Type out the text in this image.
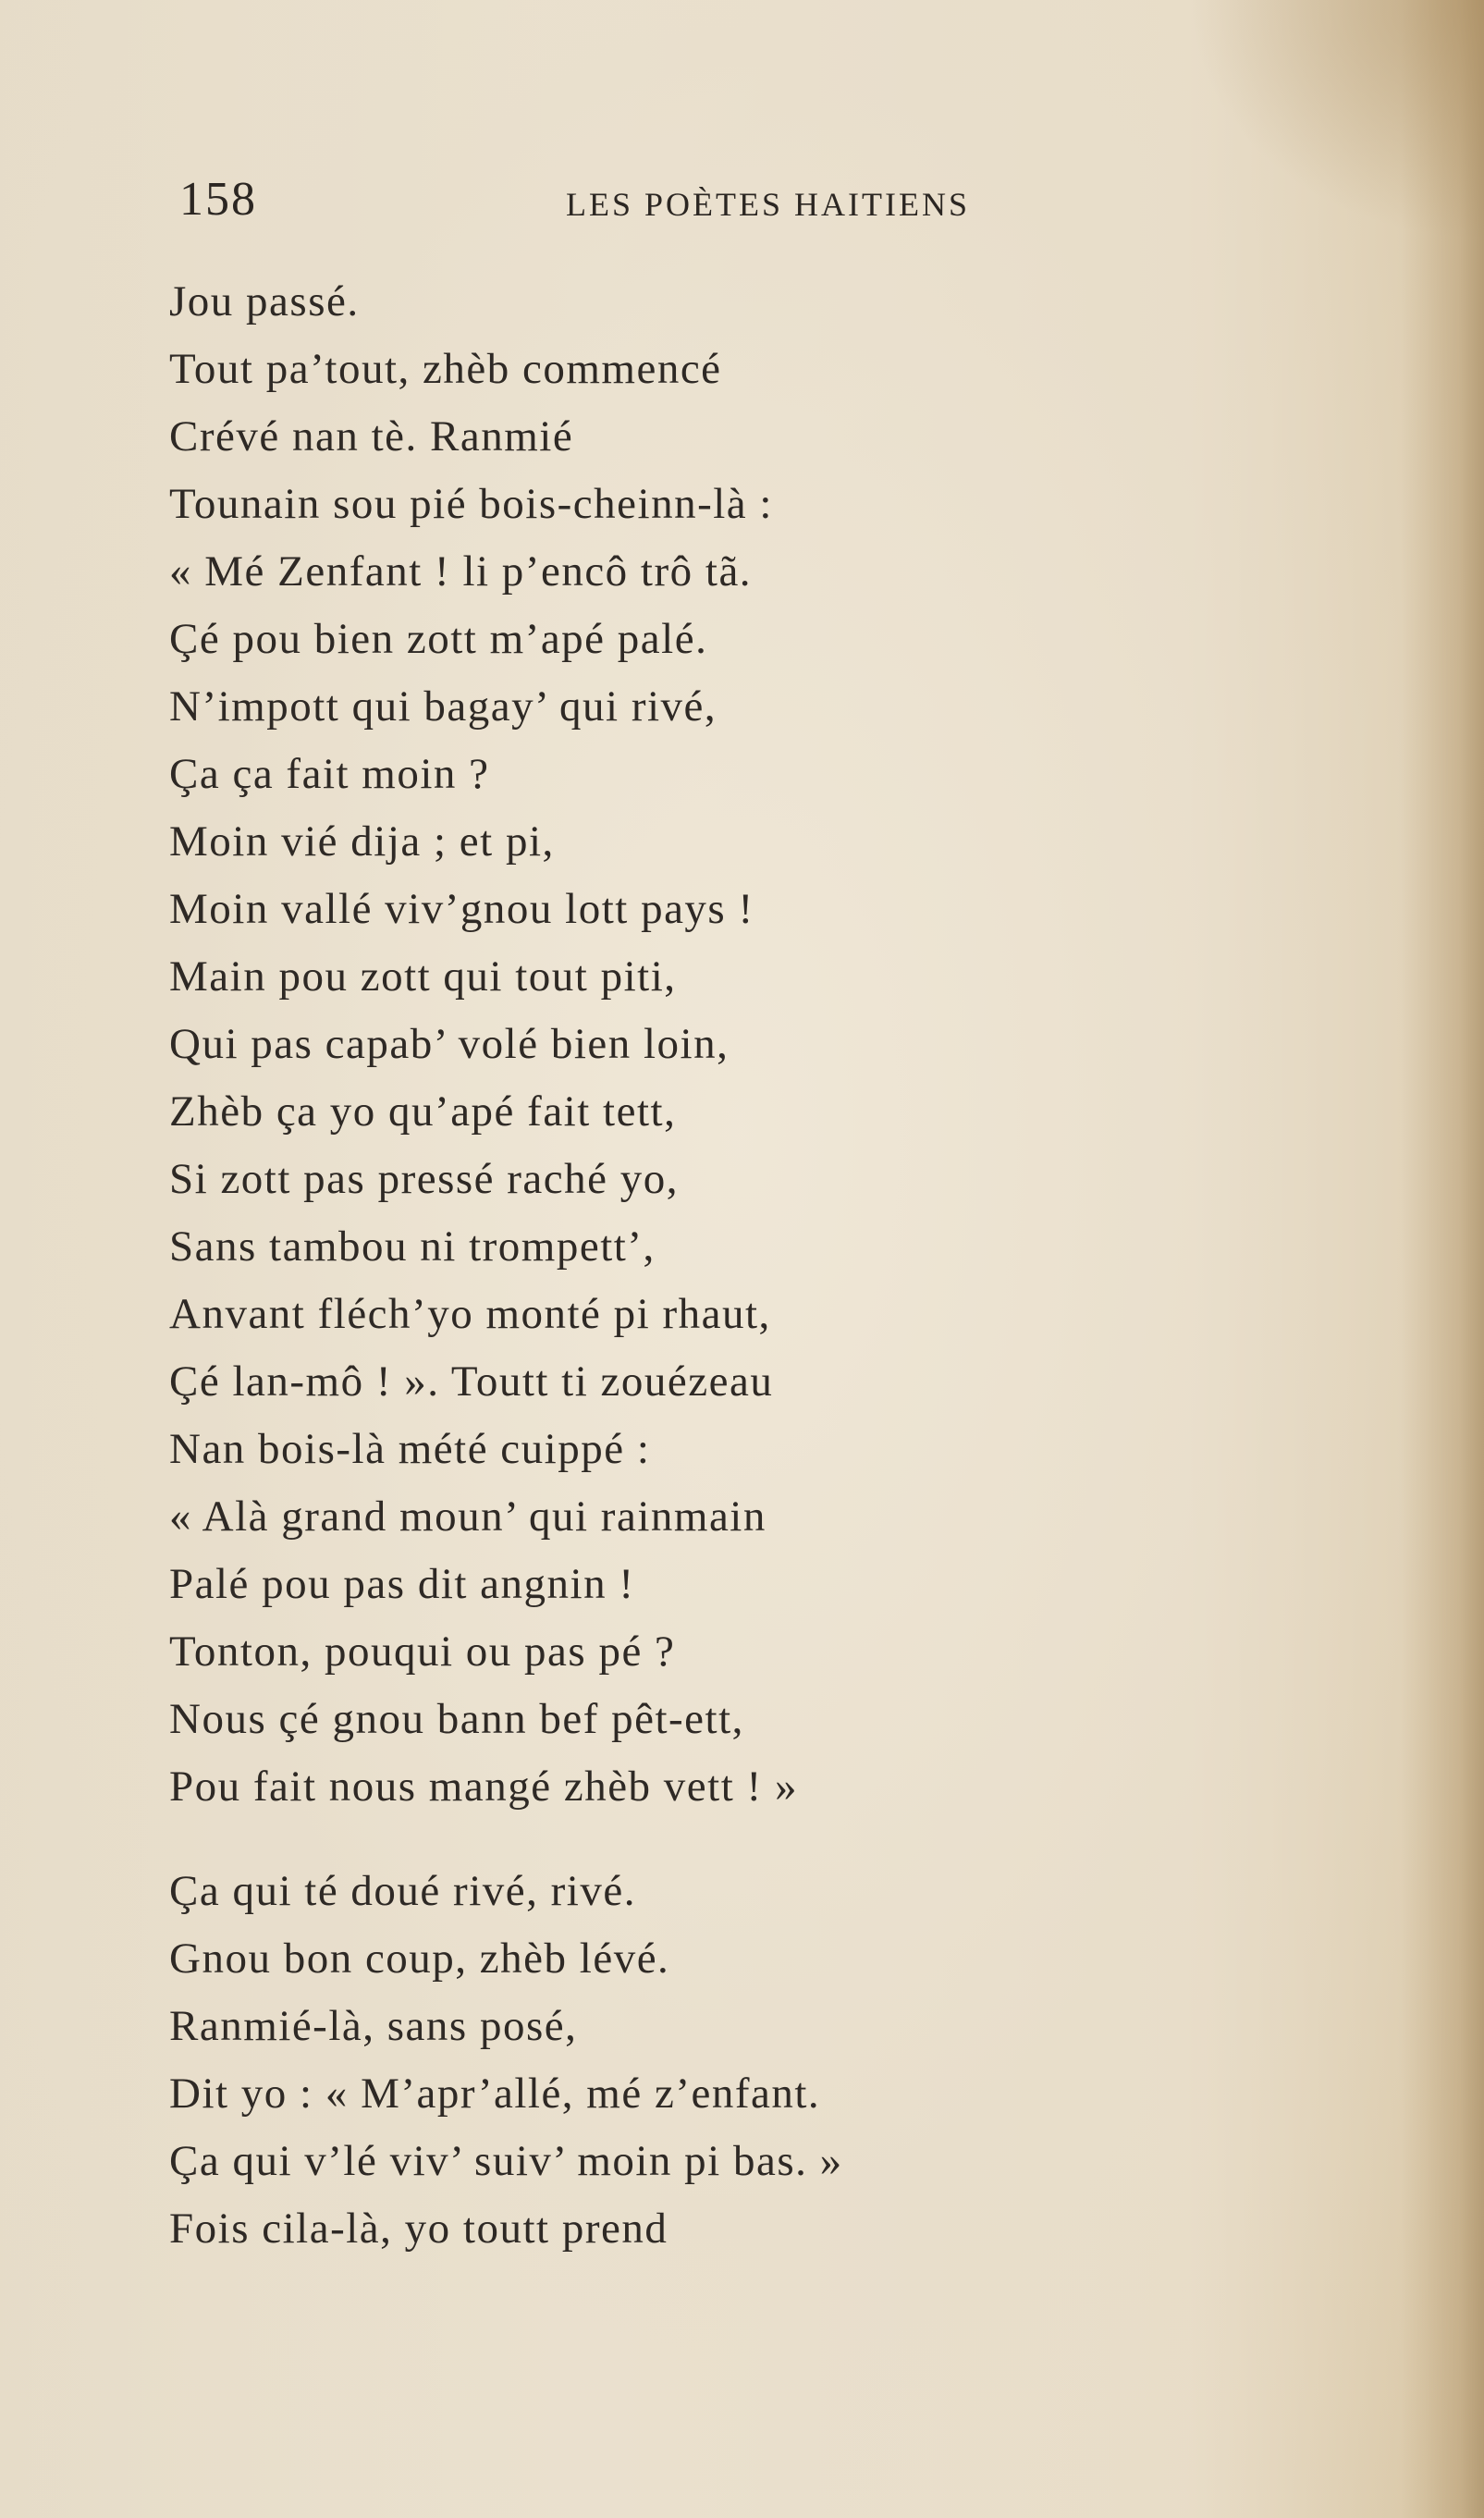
158	LES POÈTES HAITIENS
Jou passé.
Tout pa’tout, zhèb commencé
Crévé nan tè. Ranmié
Tounain sou pié bois-cheinn-là :
« Mé Zenfant ! li p’encô trô tã.
Çé pou bien zott m’apé palé.
N’impott qui bagay’ qui rivé,
Ça ça fait moin ?
Moin vié dija ; et pi,
Moin vallé viv’gnou lott pays !
Main pou zott qui tout piti,
Qui pas capab’ volé bien loin,
Zhèb ça yo qu’apé fait tett,
Si zott pas pressé raché yo,
Sans tambou ni trompett’,
Anvant fléch’yo monté pi rhaut,
Çé lan-mô ! ». Toutt ti zouézeau
Nan bois-là mété cuippé :
« Alà grand moun’ qui rainmain
Palé pou pas dit angnin !
Tonton, pouqui ou pas pé ?
Nous çé gnou bann bef pêt-ett,
Pou fait nous mangé zhèb vett ! »
Ça qui té doué rivé, rivé.
Gnou bon coup, zhèb lévé.
Ranmié-là, sans posé,
Dit yo : « M’apr’allé, mé z’enfant.
Ça qui v’lé viv’ suiv’ moin pi bas. »
Fois cila-là, yo toutt prend
